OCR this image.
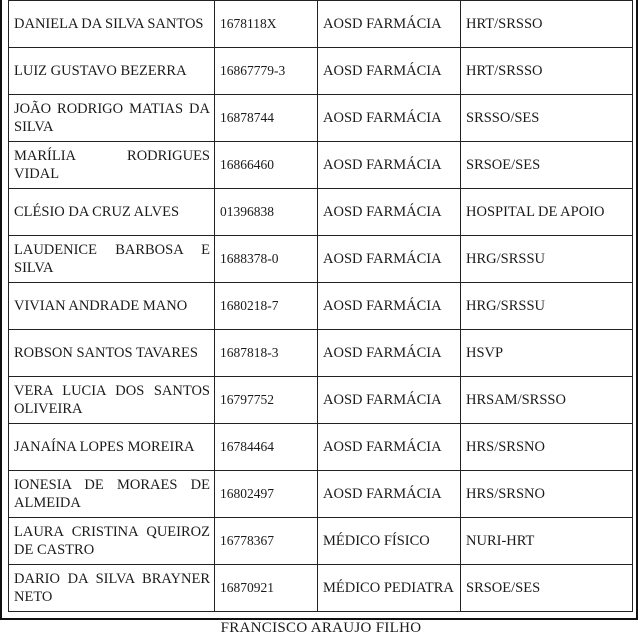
DANIELA DA SILVA SANTOS	1678118X	AOSD FARMÁCIA	HRT/SRSSO
LUIZ GUSTAVO BEZERRA	16867779-3	AOSD FARMÁCIA	HRT/SRSSO
JOÃO RODRIGO MATIAS DA SILVA	16878744	AOSD FARMÁCIA	SRSSO/SES
MARÍLIA RODRIGUES VIDAL	16866460	AOSD FARMÁCIA	SRSOE/SES
CLÉSIO DA CRUZ ALVES	01396838	AOSD FARMÁCIA	HOSPITAL DE APOIO
LAUDENICE BARBOSA E SILVA	1688378-0	AOSD FARMÁCIA	HRG/SRSSU
VIVIAN ANDRADE MANO	1680218-7	AOSD FARMÁCIA	HRG/SRSSU
ROBSON SANTOS TAVARES	1687818-3	AOSD FARMÁCIA	HSVP
VERA LUCIA DOS SANTOS OLIVEIRA	16797752	AOSD FARMÁCIA	HRSAM/SRSSO
JANAÍNA LOPES MOREIRA	16784464	AOSD FARMÁCIA	HRS/SRSNO
IONESIA DE MORAES DE ALMEIDA	16802497	AOSD FARMÁCIA	HRS/SRSNO
LAURA CRISTINA QUEIROZ DE CASTRO	16778367	MÉDICO FÍSICO	NURI-HRT
DARIO DA SILVA BRAYNER NETO	16870921	MÉDICO PEDIATRA	SRSOE/SES
FRANCISCO ARAUJO FILHO
